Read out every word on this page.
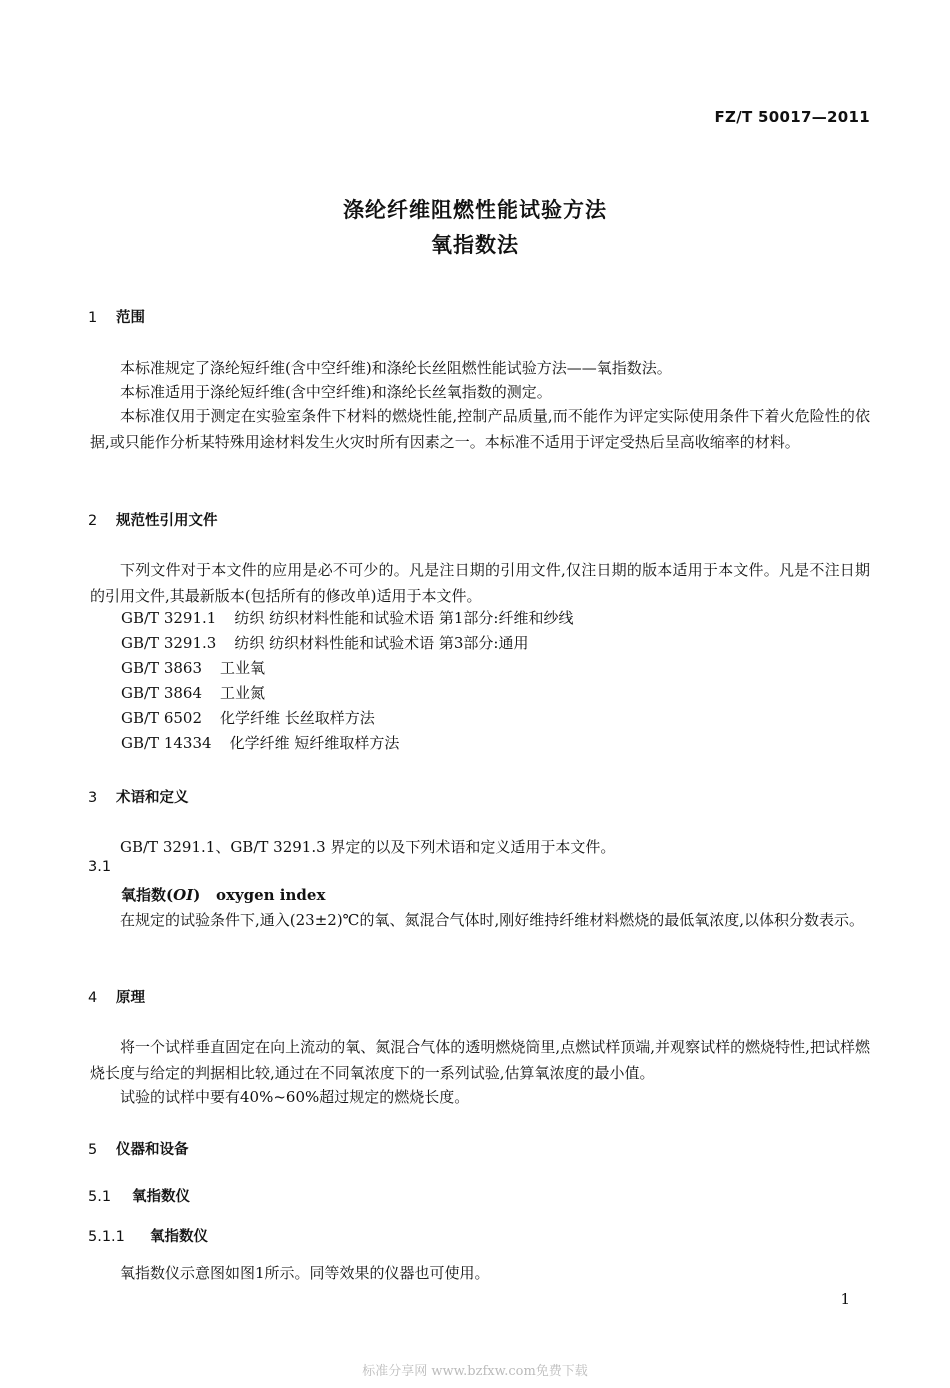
FZ/T 50017—2011
涤纶纤维阻燃性能试验方法
氧指数法
1 范围
本标准规定了涤纶短纤维(含中空纤维)和涤纶长丝阻燃性能试验方法——氧指数法。
本标准适用于涤纶短纤维(含中空纤维)和涤纶长丝氧指数的测定。
本标准仅用于测定在实验室条件下材料的燃烧性能,控制产品质量,而不能作为评定实际使用条件下着火危险性的依据,或只能作分析某特殊用途材料发生火灾时所有因素之一。本标准不适用于评定受热后呈高收缩率的材料。
2 规范性引用文件
下列文件对于本文件的应用是必不可少的。凡是注日期的引用文件,仅注日期的版本适用于本文件。凡是不注日期的引用文件,其最新版本(包括所有的修改单)适用于本文件。
GB/T 3291.1 纺织 纺织材料性能和试验术语 第1部分:纤维和纱线
GB/T 3291.3 纺织 纺织材料性能和试验术语 第3部分:通用
GB/T 3863 工业氧
GB/T 3864 工业氮
GB/T 6502 化学纤维 长丝取样方法
GB/T 14334 化学纤维 短纤维取样方法
3 术语和定义
GB/T 3291.1、GB/T 3291.3 界定的以及下列术语和定义适用于本文件。
3.1
氧指数(OI)   oxygen index
在规定的试验条件下,通入(23±2)℃的氧、氮混合气体时,刚好维持纤维材料燃烧的最低氧浓度,以体积分数表示。
4 原理
将一个试样垂直固定在向上流动的氧、氮混合气体的透明燃烧筒里,点燃试样顶端,并观察试样的燃烧特性,把试样燃烧长度与给定的判据相比较,通过在不同氧浓度下的一系列试验,估算氧浓度的最小值。
试验的试样中要有40%~60%超过规定的燃烧长度。
5 仪器和设备
5.1 氧指数仪
5.1.1 氧指数仪
氧指数仪示意图如图1所示。同等效果的仪器也可使用。
1
标准分享网 www.bzfxw.com免费下载
